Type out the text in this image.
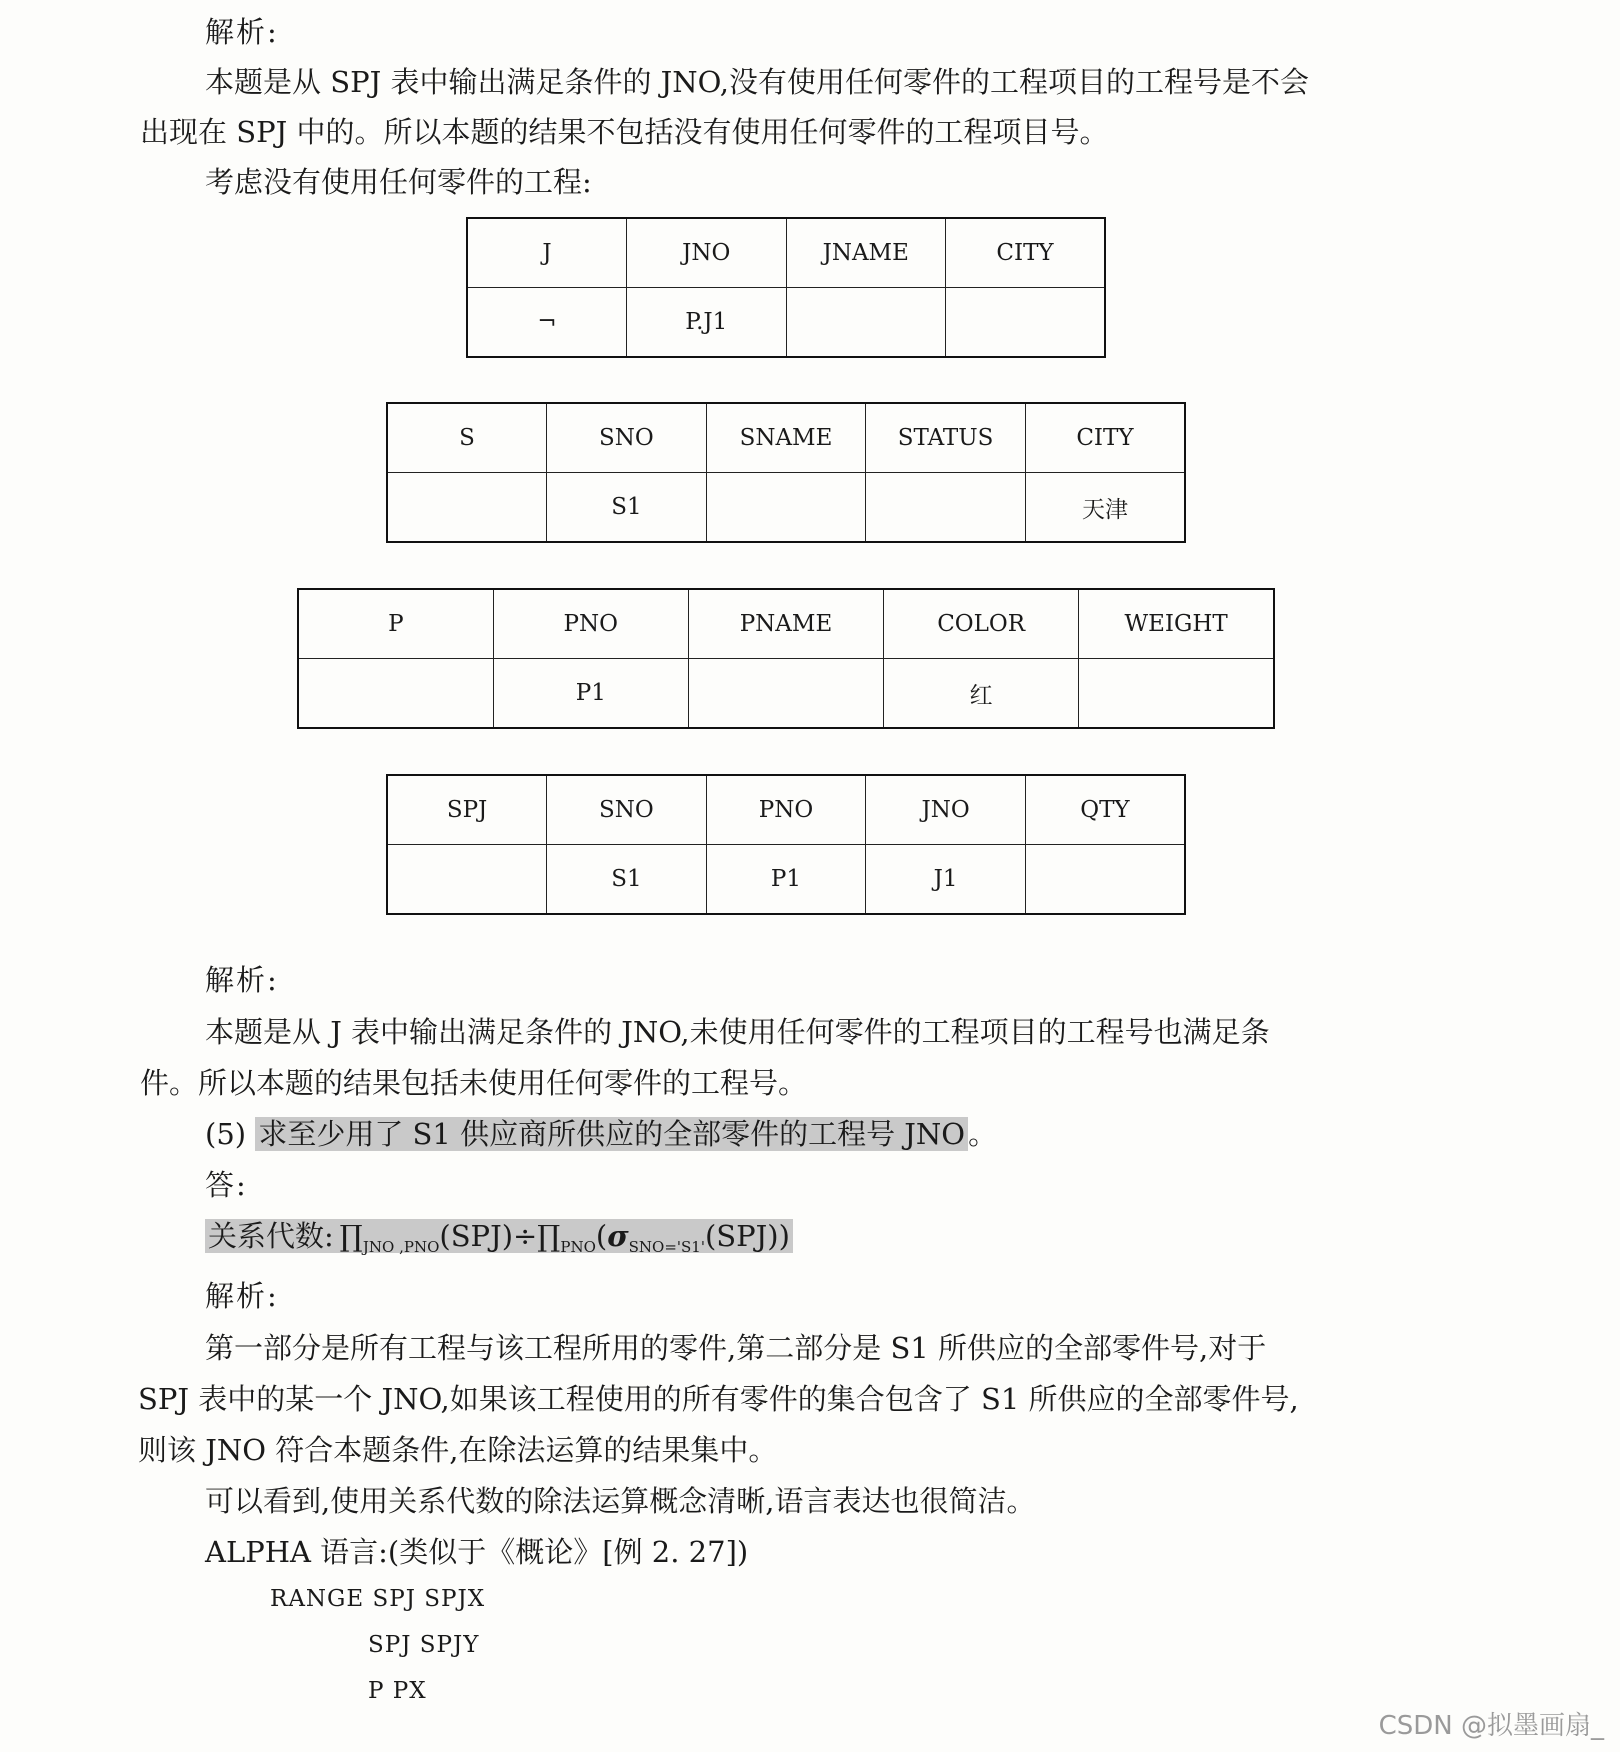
解析:
本题是从 SPJ 表中输出满足条件的 JNO,没有使用任何零件的工程项目的工程号是不会
出现在 SPJ 中的。所以本题的结果不包括没有使用任何零件的工程项目号。
考虑没有使用任何零件的工程:
J	JNO	JNAME	CITY
¬	P.J1		
S	SNO	SNAME	STATUS	CITY
	S1			天津
P	PNO	PNAME	COLOR	WEIGHT
	P1		红	
SPJ	SNO	PNO	JNO	QTY
	S1	P1	J1	
解析:
本题是从 J 表中输出满足条件的 JNO,未使用任何零件的工程项目的工程号也满足条
件。所以本题的结果包括未使用任何零件的工程号。
(5) 求至少用了 S1 供应商所供应的全部零件的工程号 JNO 。
答:
关系代数: $\prod_{JNO ,PNO}(SPJ)\div\prod_{PNO}(\sigma_{SNO='S1'}(SPJ))$
解析:
第一部分是所有工程与该工程所用的零件,第二部分是 S1 所供应的全部零件号,对于
SPJ 表中的某一个 JNO,如果该工程使用的所有零件的集合包含了 S1 所供应的全部零件号,
则该 JNO 符合本题条件,在除法运算的结果集中。
可以看到,使用关系代数的除法运算概念清晰,语言表达也很简洁。
ALPHA 语言:(类似于《概论》[例 2. 27])
RANGE SPJ SPJX
SPJ SPJY
P PX
CSDN @拟墨画扇_
